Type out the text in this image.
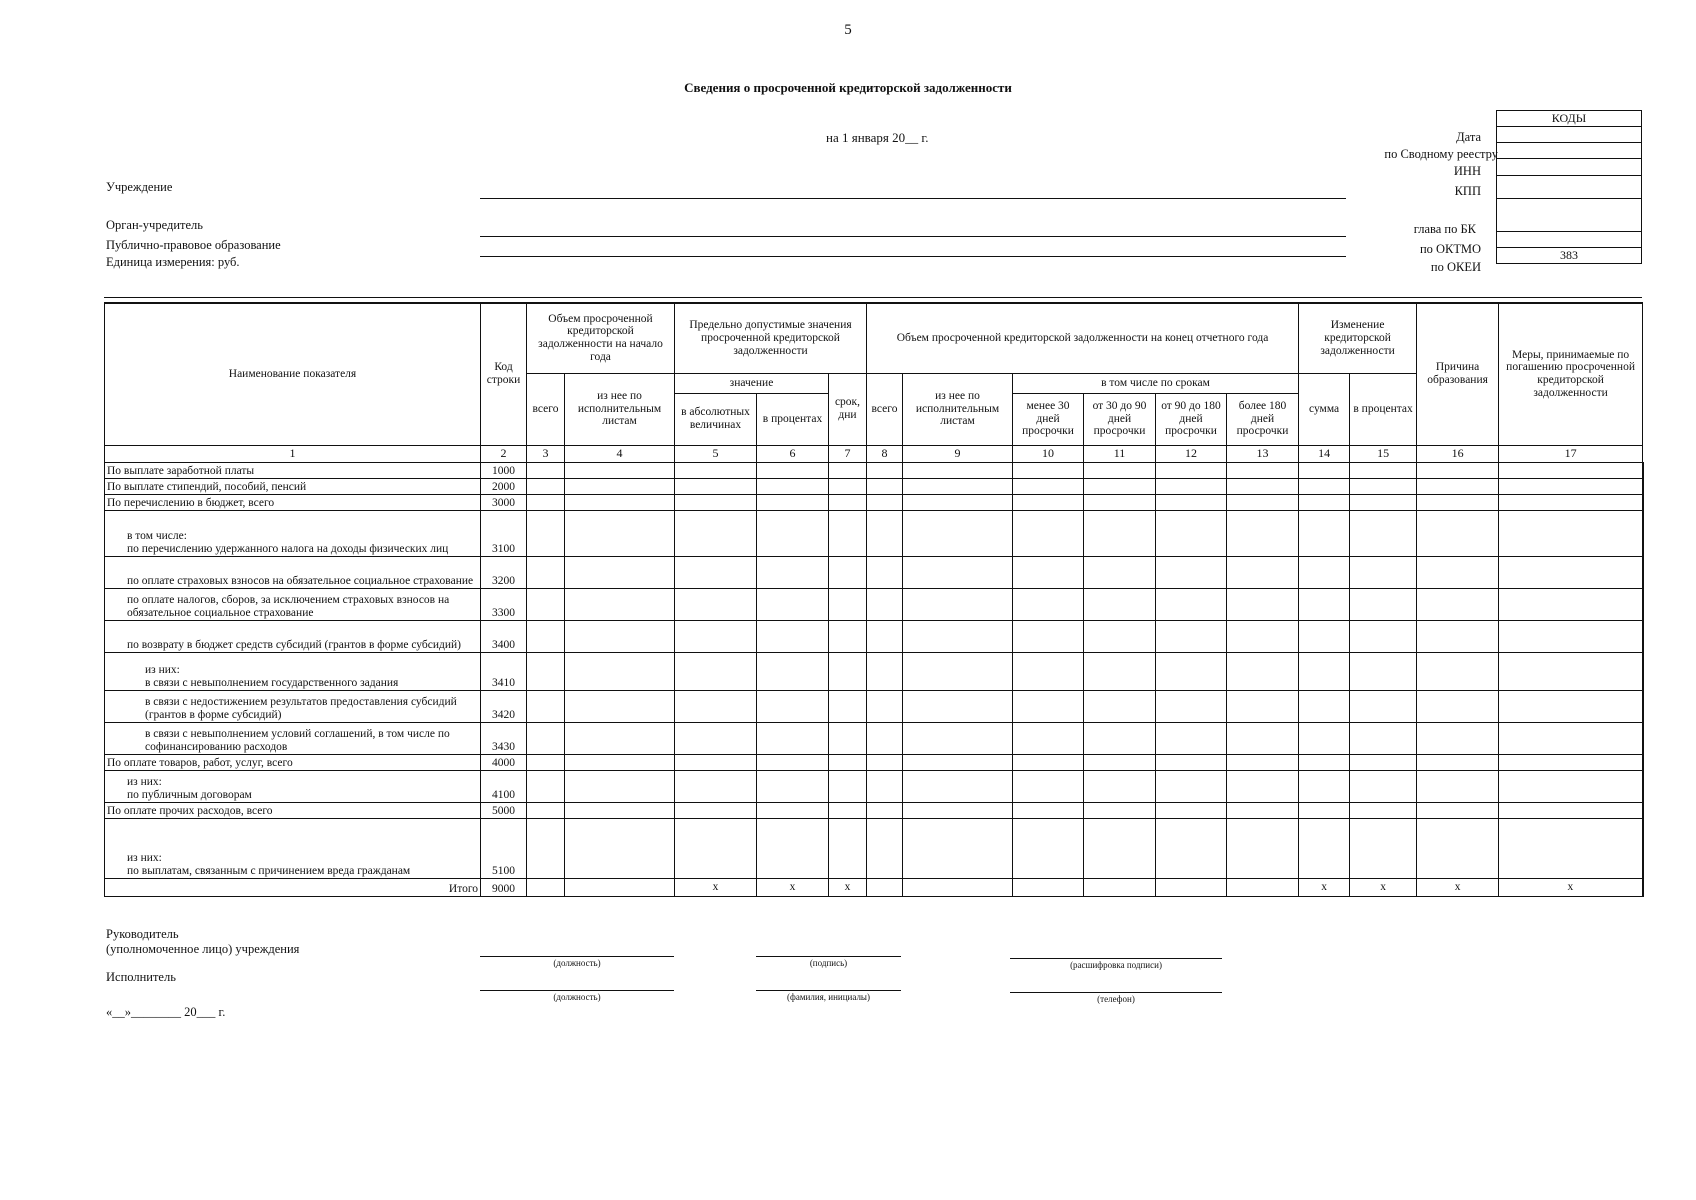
5
Сведения о просроченной кредиторской задолженности
на 1 января 20__ г.
КОДЫ

383
Дата
по Сводному реестру
ИНН
КПП
глава по БК
по ОКТМО
по ОКЕИ
Учреждение
Орган-учредитель
Публично-правовое образование
Единица измерения: руб.
Наименование показателя	Код строки	Объем просроченной кредиторской задолженности на начало года		Предельно допустимые значения просроченной кредиторской задолженности			Объем просроченной кредиторской задолженности на конец отчетного года						Изменение кредиторской задолженности		Причина образования	Меры, принимаемые по погашению просроченной кредиторской задолженности
		всего	из нее по исполнительным листам	значение		срок, дни	всего	из нее по исполнительным листам	в том числе по срокам				сумма	в процентах		
				в абсолютных величинах	в процентах				менее 30 дней просрочки	от 30 до 90 дней просрочки	от 90 до 180 дней просрочки	более 180 дней просрочки				
1	2	3	4	5	6	7	8	9	10	11	12	13	14	15	16	17
По выплате заработной платы	1000															
По выплате стипендий, пособий, пенсий	2000															
По перечислению в бюджет, всего	3000															
в том числе:
по перечислению удержанного налога на доходы физических лиц	3100															
по оплате страховых взносов на обязательное социальное страхование	3200															
по оплате налогов, сборов, за исключением страховых взносов на обязательное социальное страхование	3300															
по возврату в бюджет средств субсидий (грантов в форме субсидий)	3400															
из них:
в связи с невыполнением государственного задания	3410															
в связи с недостижением результатов предоставления субсидий (грантов в форме субсидий)	3420															
в связи с невыполнением условий соглашений, в том числе по софинансированию расходов	3430															
По оплате товаров, работ, услуг, всего	4000															
из них:
по публичным договорам	4100															
По оплате прочих расходов, всего	5000															
из них:
по выплатам, связанным с причинением вреда гражданам	5100															
Итого	9000			x	x	x							x	x	x	x
Руководитель
(уполномоченное лицо) учреждения
(должность)	(подпись)	(расшифровка подписи)
Исполнитель
(должность)	(фамилия, инициалы)	(телефон)
«__»________ 20___ г.
